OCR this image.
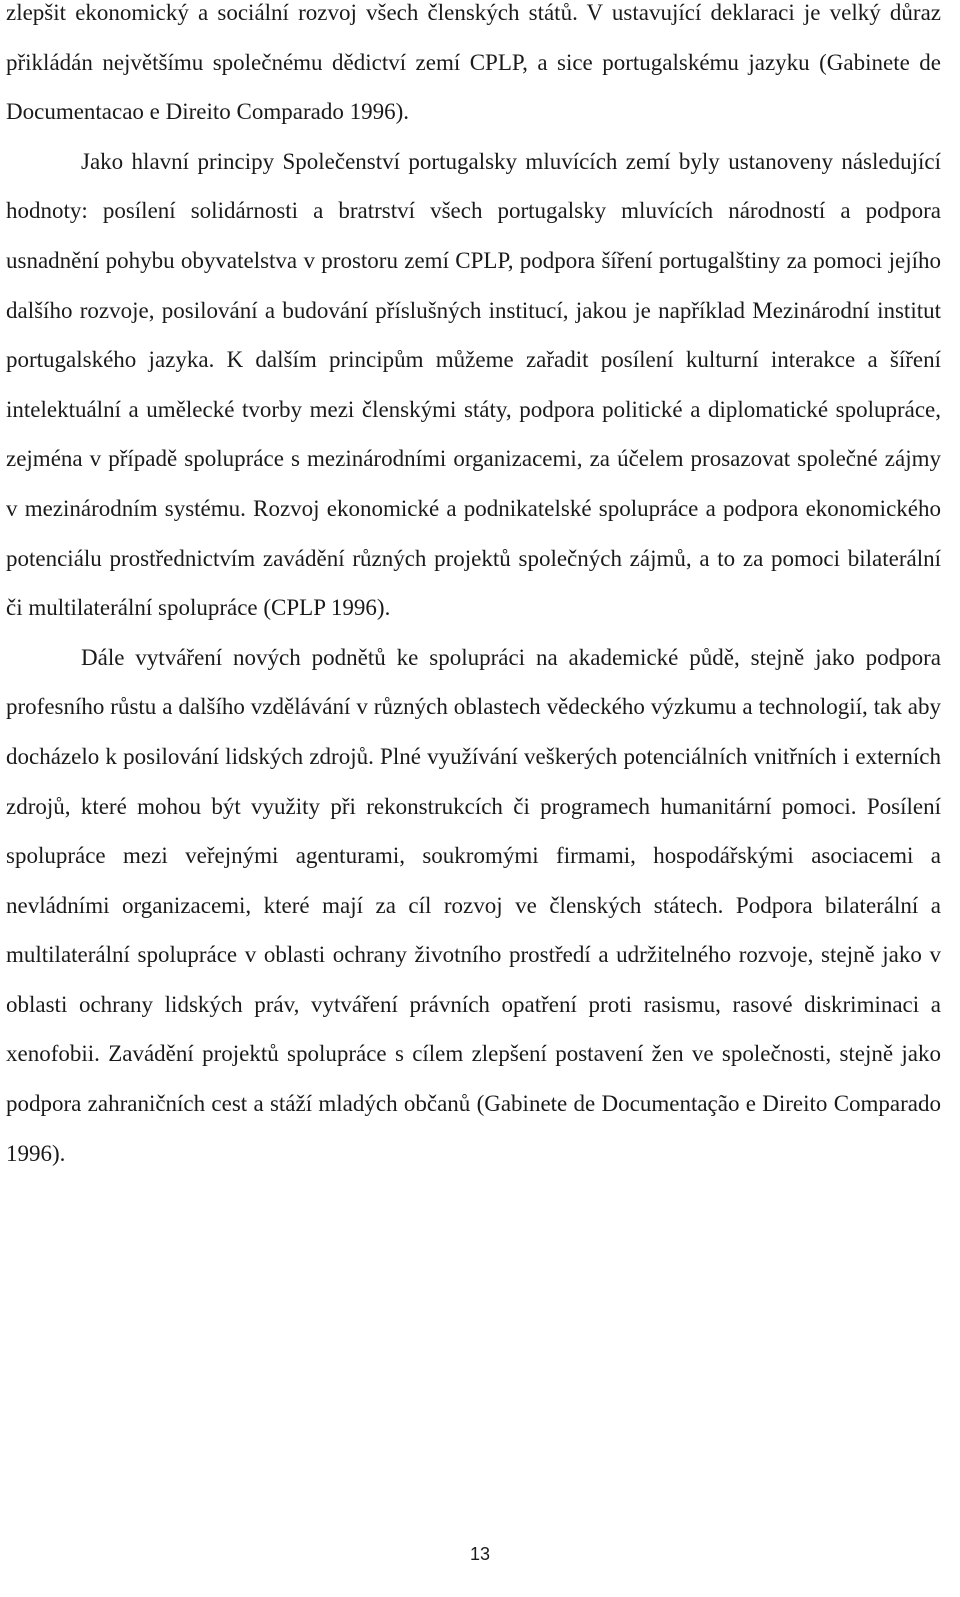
zlepšit ekonomický a sociální rozvoj všech členských států. V ustavující deklaraci je velký důraz přikládán největšímu společnému dědictví zemí CPLP, a sice portugalskému jazyku (Gabinete de Documentacao e Direito Comparado 1996).

Jako hlavní principy Společenství portugalsky mluvících zemí byly ustanoveny následující hodnoty: posílení solidárnosti a bratrství všech portugalsky mluvících národností a podpora usnadnění pohybu obyvatelstva v prostoru zemí CPLP, podpora šíření portugalštiny za pomoci jejího dalšího rozvoje, posilování a budování příslušných institucí, jakou je například Mezinárodní institut portugalského jazyka. K dalším principům můžeme zařadit posílení kulturní interakce a šíření intelektuální a umělecké tvorby mezi členskými státy, podpora politické a diplomatické spolupráce, zejména v případě spolupráce s mezinárodními organizacemi, za účelem prosazovat společné zájmy v mezinárodním systému. Rozvoj ekonomické a podnikatelské spolupráce a podpora ekonomického potenciálu prostřednictvím zavádění různých projektů společných zájmů, a to za pomoci bilaterální či multilaterální spolupráce (CPLP 1996).

Dále vytváření nových podnětů ke spolupráci na akademické půdě, stejně jako podpora profesního růstu a dalšího vzdělávání v různých oblastech vědeckého výzkumu a technologií, tak aby docházelo k posilování lidských zdrojů. Plné využívání veškerých potenciálních vnitřních i externích zdrojů, které mohou být využity při rekonstrukcích či programech humanitární pomoci. Posílení spolupráce mezi veřejnými agenturami, soukromými firmami, hospodářskými asociacemi a nevládními organizacemi, které mají za cíl rozvoj ve členských státech. Podpora bilaterální a multilaterální spolupráce v oblasti ochrany životního prostředí a udržitelného rozvoje, stejně jako v oblasti ochrany lidských práv, vytváření právních opatření proti rasismu, rasové diskriminaci a xenofobii. Zavádění projektů spolupráce s cílem zlepšení postavení žen ve společnosti, stejně jako podpora zahraničních cest a stáží mladých občanů (Gabinete de Documentação e Direito Comparado 1996).

13
